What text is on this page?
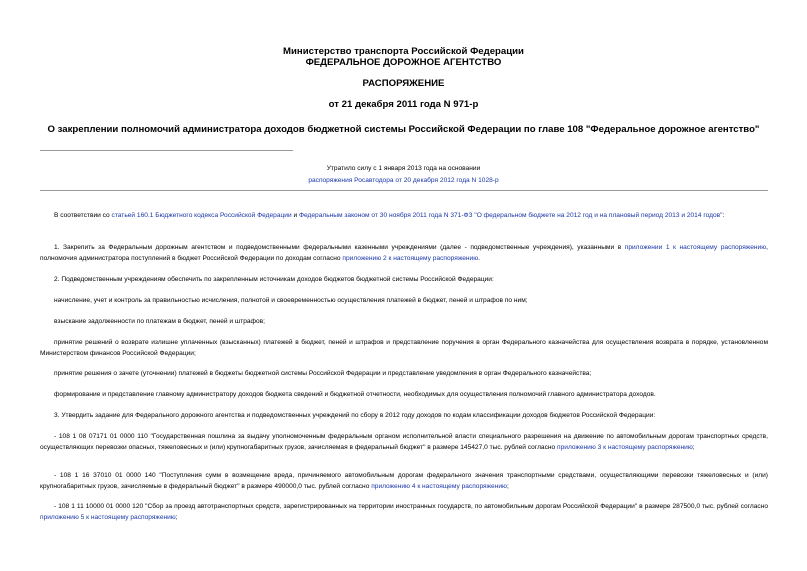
Министерство транспорта Российской Федерации
ФЕДЕРАЛЬНОЕ ДОРОЖНОЕ АГЕНТСТВО
РАСПОРЯЖЕНИЕ
от 21 декабря 2011 года N 971-р
О закреплении полномочий администратора доходов бюджетной системы Российской Федерации по главе 108 "Федеральное дорожное агентство"
Утратило силу с 1 января 2013 года на основании
распоряжения Росавтодора от 20 декабря 2012 года N 1028-р

В соответствии со статьей 160.1 Бюджетного кодекса Российской Федерации и Федеральным законом от 30 ноября 2011 года N 371-ФЗ "О федеральном бюджете на 2012 год и на плановый период 2013 и 2014 годов":

1. Закрепить за Федеральным дорожным агентством и подведомственными федеральными казенными учреждениями (далее - подведомственные учреждения), указанными в приложении 1 к настоящему распоряжению, полномочия администратора поступлений в бюджет Российской Федерации по доходам согласно приложению 2 к настоящему распоряжению.

2. Подведомственным учреждениям обеспечить по закрепленным источникам доходов бюджетов бюджетной системы Российской Федерации:

начисление, учет и контроль за правильностью исчисления, полнотой и своевременностью осуществления платежей в бюджет, пеней и штрафов по ним;

взыскание задолженности по платежам в бюджет, пеней и штрафов;

принятие решений о возврате излишне уплаченных (взысканных) платежей в бюджет, пеней и штрафов и представление поручения в орган Федерального казначейства для осуществления возврата в порядке, установленном Министерством финансов Российской Федерации;

принятие решения о зачете (уточнении) платежей в бюджеты бюджетной системы Российской Федерации и представление уведомления в орган Федерального казначейства;

формирование и представление главному администратору доходов бюджета сведений и бюджетной отчетности, необходимых для осуществления полномочий главного администратора доходов.

3. Утвердить задание для Федерального дорожного агентства и подведомственных учреждений по сбору в 2012 году доходов по кодам классификации доходов бюджетов Российской Федерации:

- 108 1 08 07171 01 0000 110 "Государственная пошлина за выдачу уполномоченным федеральным органом исполнительной власти специального разрешения на движение по автомобильным дорогам транспортных средств, осуществляющих перевозки опасных, тяжеловесных и (или) крупногабаритных грузов, зачисляемая в федеральный бюджет" в размере 145427,0 тыс. рублей согласно приложению 3 к настоящему распоряжению;

- 108 1 16 37010 01 0000 140 "Поступления сумм в возмещение вреда, причиняемого автомобильным дорогам федерального значения транспортными средствами, осуществляющими перевозки тяжеловесных и (или) крупногабаритных грузов, зачисляемые в федеральный бюджет" в размере 490000,0 тыс. рублей согласно приложению 4 к настоящему распоряжению;

- 108 1 11 10000 01 0000 120 "Сбор за проезд автотранспортных средств, зарегистрированных на территории иностранных государств, по автомобильным дорогам Российской Федерации" в размере 287500,0 тыс. рублей согласно приложению 5 к настоящему распоряжению;
